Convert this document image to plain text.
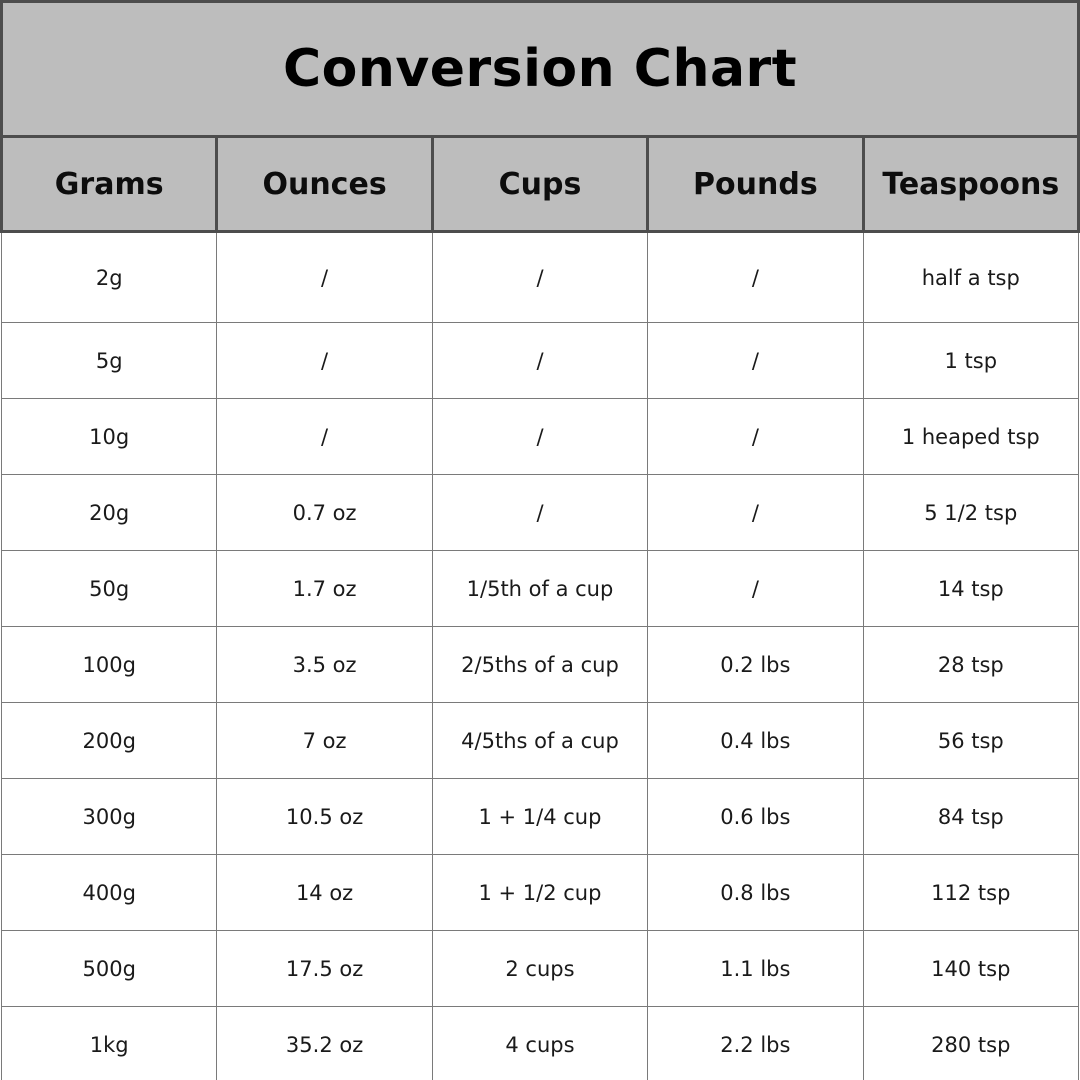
Conversion Chart
Grams	Ounces	Cups	Pounds	Teaspoons
2g	/	/	/	half a tsp
5g	/	/	/	1 tsp
10g	/	/	/	1 heaped tsp
20g	0.7 oz	/	/	5 1/2 tsp
50g	1.7 oz	1/5th of a cup	/	14 tsp
100g	3.5 oz	2/5ths of a cup	0.2 lbs	28 tsp
200g	7 oz	4/5ths of a cup	0.4 lbs	56 tsp
300g	10.5 oz	1 + 1/4 cup	0.6 lbs	84 tsp
400g	14 oz	1 + 1/2 cup	0.8 lbs	112 tsp
500g	17.5 oz	2 cups	1.1 lbs	140 tsp
1kg	35.2 oz	4 cups	2.2 lbs	280 tsp
